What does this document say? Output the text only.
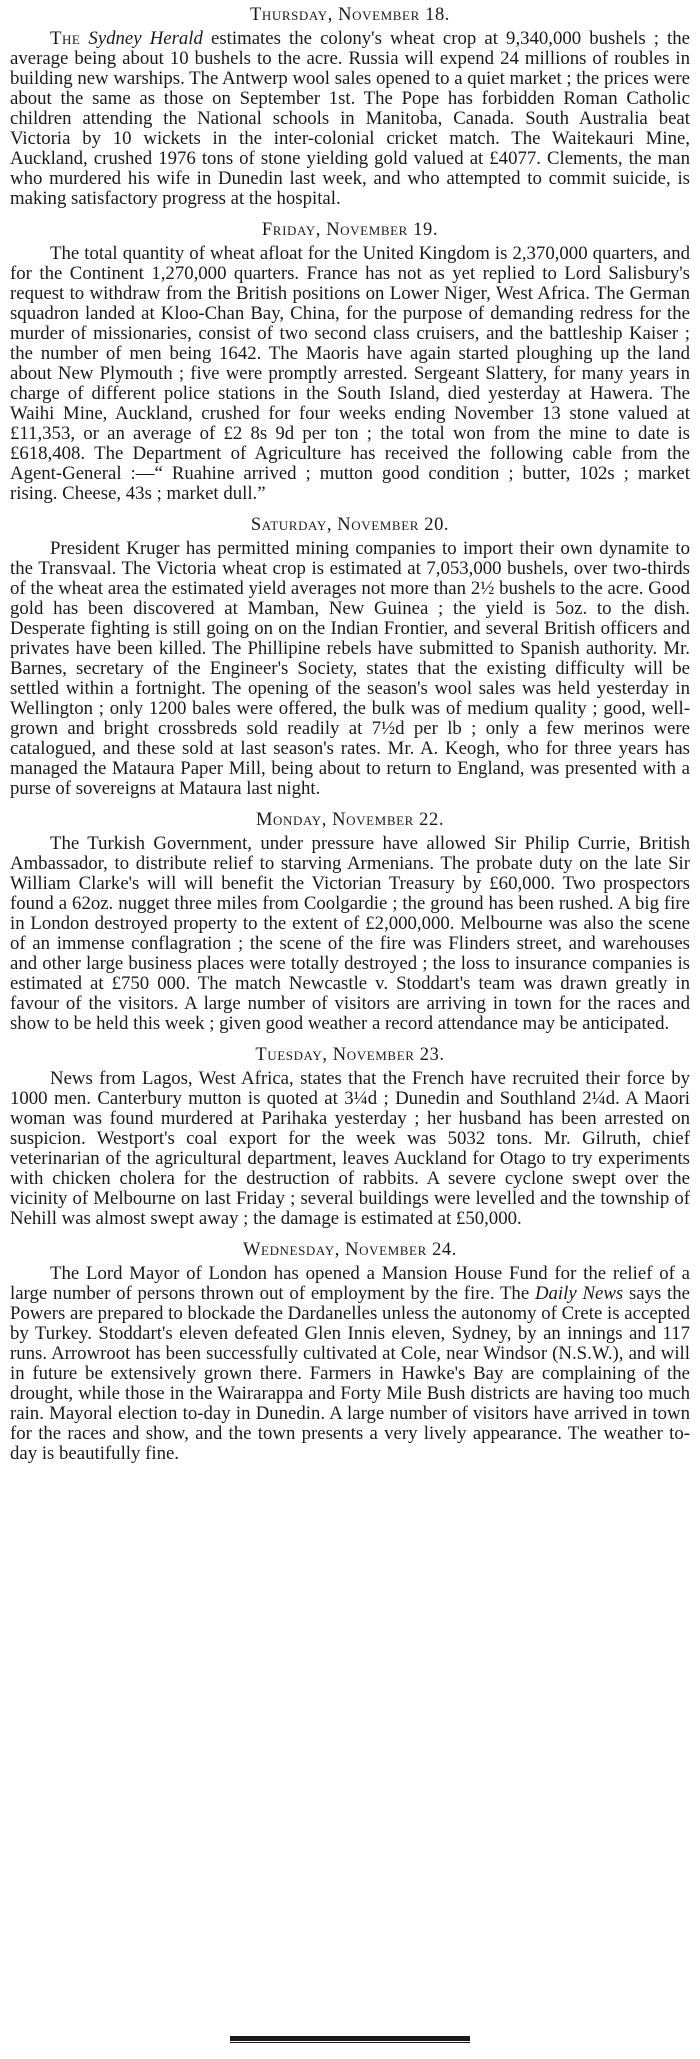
Thursday, November 18.

The Sydney Herald estimates the colony's wheat crop at 9,340,000 bushels ; the average being about 10 bushels to the acre. Russia will expend 24 millions of roubles in building new warships. The Antwerp wool sales opened to a quiet market ; the prices were about the same as those on September 1st. The Pope has forbidden Roman Catholic children attending the National schools in Manitoba, Canada. South Australia beat Victoria by 10 wickets in the inter-colonial cricket match. The Waitekauri Mine, Auckland, crushed 1976 tons of stone yielding gold valued at £4077. Clements, the man who murdered his wife in Dunedin last week, and who attempted to commit suicide, is making satisfactory progress at the hospital.

Friday, November 19.

The total quantity of wheat afloat for the United Kingdom is 2,370,000 quarters, and for the Continent 1,270,000 quarters. France has not as yet replied to Lord Salisbury's request to withdraw from the British positions on Lower Niger, West Africa. The German squadron landed at Kloo-Chan Bay, China, for the purpose of demanding redress for the murder of missionaries, consist of two second class cruisers, and the battleship Kaiser ; the number of men being 1642. The Maoris have again started ploughing up the land about New Plymouth ; five were promptly arrested. Sergeant Slattery, for many years in charge of different police stations in the South Island, died yesterday at Hawera. The Waihi Mine, Auckland, crushed for four weeks ending November 13 stone valued at £11,353, or an average of £2 8s 9d per ton ; the total won from the mine to date is £618,408. The Department of Agriculture has received the following cable from the Agent-General :—“ Ruahine arrived ; mutton good condition ; butter, 102s ; market rising. Cheese, 43s ; market dull.”

Saturday, November 20.

President Kruger has permitted mining companies to import their own dynamite to the Transvaal. The Victoria wheat crop is estimated at 7,053,000 bushels, over two-thirds of the wheat area the estimated yield averages not more than 2½ bushels to the acre. Good gold has been discovered at Mamban, New Guinea ; the yield is 5oz. to the dish. Desperate fighting is still going on on the Indian Frontier, and several British officers and privates have been killed. The Phillipine rebels have submitted to Spanish authority. Mr. Barnes, secretary of the Engineer's Society, states that the existing difficulty will be settled within a fortnight. The opening of the season's wool sales was held yesterday in Wellington ; only 1200 bales were offered, the bulk was of medium quality ; good, well-grown and bright crossbreds sold readily at 7½d per lb ; only a few merinos were catalogued, and these sold at last season's rates. Mr. A. Keogh, who for three years has managed the Mataura Paper Mill, being about to return to England, was presented with a purse of sovereigns at Mataura last night.

Monday, November 22.

The Turkish Government, under pressure have allowed Sir Philip Currie, British Ambassador, to distribute relief to starving Armenians. The probate duty on the late Sir William Clarke's will will benefit the Victorian Treasury by £60,000. Two prospectors found a 62oz. nugget three miles from Coolgardie ; the ground has been rushed. A big fire in London destroyed property to the extent of £2,000,000. Melbourne was also the scene of an immense conflagration ; the scene of the fire was Flinders street, and warehouses and other large business places were totally destroyed ; the loss to insurance companies is estimated at £750 000. The match Newcastle v. Stoddart's team was drawn greatly in favour of the visitors. A large number of visitors are arriving in town for the races and show to be held this week ; given good weather a record attendance may be anticipated.

Tuesday, November 23.

News from Lagos, West Africa, states that the French have recruited their force by 1000 men. Canterbury mutton is quoted at 3¼d ; Dunedin and Southland 2¼d. A Maori woman was found murdered at Parihaka yesterday ; her husband has been arrested on suspicion. Westport's coal export for the week was 5032 tons. Mr. Gilruth, chief veterinarian of the agricultural department, leaves Auckland for Otago to try experiments with chicken cholera for the destruction of rabbits. A severe cyclone swept over the vicinity of Melbourne on last Friday ; several buildings were levelled and the township of Nehill was almost swept away ; the damage is estimated at £50,000.

Wednesday, November 24.

The Lord Mayor of London has opened a Mansion House Fund for the relief of a large number of persons thrown out of employment by the fire. The Daily News says the Powers are prepared to blockade the Dardanelles unless the autonomy of Crete is accepted by Turkey. Stoddart's eleven defeated Glen Innis eleven, Sydney, by an innings and 117 runs. Arrowroot has been successfully cultivated at Cole, near Windsor (N.S.W.), and will in future be extensively grown there. Farmers in Hawke's Bay are complaining of the drought, while those in the Wairarappa and Forty Mile Bush districts are having too much rain. Mayoral election to-day in Dunedin. A large number of visitors have arrived in town for the races and show, and the town presents a very lively appearance. The weather to-day is beautifully fine.
